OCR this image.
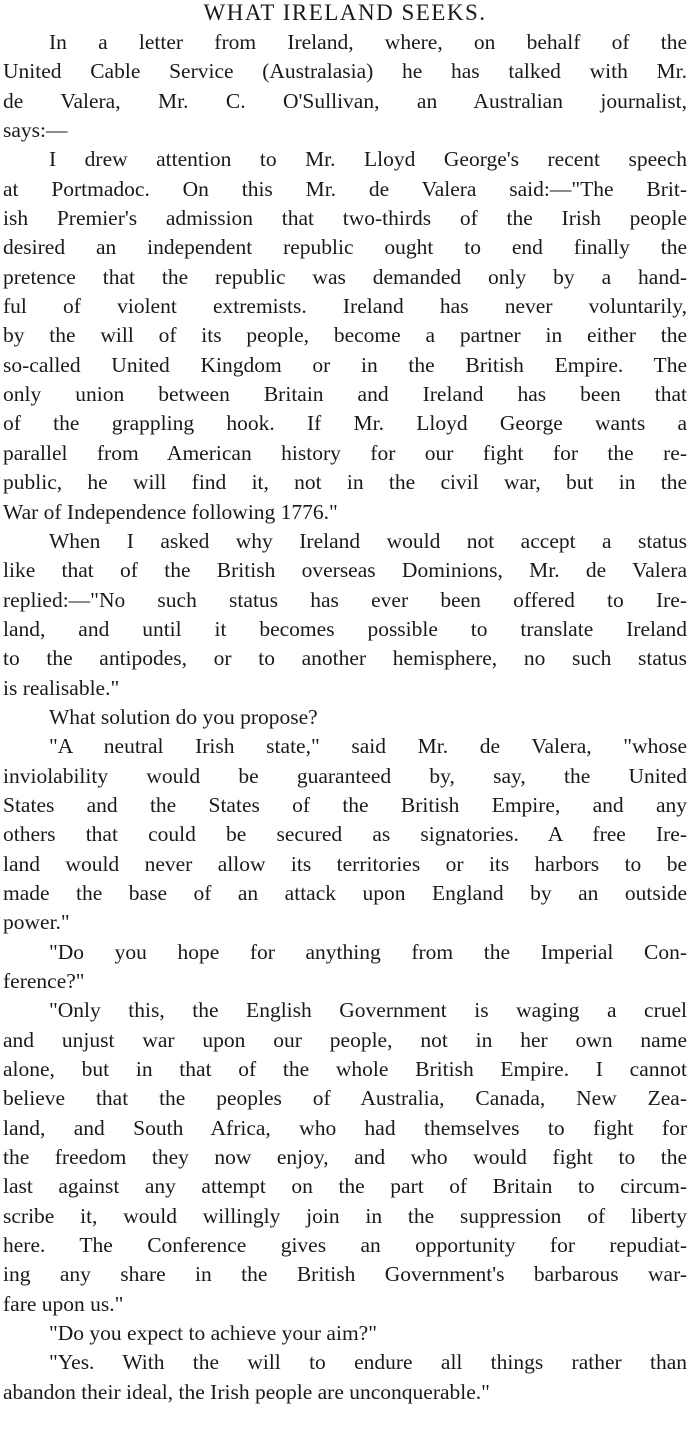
WHAT IRELAND SEEKS.
In a letter from Ireland, where, on behalf of the
United Cable Service (Australasia) he has talked with Mr.
de Valera, Mr. C. O'Sullivan, an Australian journalist,
says:—
I drew attention to Mr. Lloyd George's recent speech
at Portmadoc. On this Mr. de Valera said:—"The Brit-
ish Premier's admission that two-thirds of the Irish people
desired an independent republic ought to end finally the
pretence that the republic was demanded only by a hand-
ful of violent extremists. Ireland has never voluntarily,
by the will of its people, become a partner in either the
so-called United Kingdom or in the British Empire. The
only union between Britain and Ireland has been that
of the grappling hook. If Mr. Lloyd George wants a
parallel from American history for our fight for the re-
public, he will find it, not in the civil war, but in the
War of Independence following 1776."
When I asked why Ireland would not accept a status
like that of the British overseas Dominions, Mr. de Valera
replied:—"No such status has ever been offered to Ire-
land, and until it becomes possible to translate Ireland
to the antipodes, or to another hemisphere, no such status
is realisable."
What solution do you propose?
"A neutral Irish state," said Mr. de Valera, "whose
inviolability would be guaranteed by, say, the United
States and the States of the British Empire, and any
others that could be secured as signatories. A free Ire-
land would never allow its territories or its harbors to be
made the base of an attack upon England by an outside
power."
"Do you hope for anything from the Imperial Con-
ference?"
"Only this, the English Government is waging a cruel
and unjust war upon our people, not in her own name
alone, but in that of the whole British Empire. I cannot
believe that the peoples of Australia, Canada, New Zea-
land, and South Africa, who had themselves to fight for
the freedom they now enjoy, and who would fight to the
last against any attempt on the part of Britain to circum-
scribe it, would willingly join in the suppression of liberty
here. The Conference gives an opportunity for repudiat-
ing any share in the British Government's barbarous war-
fare upon us."
"Do you expect to achieve your aim?"
"Yes. With the will to endure all things rather than
abandon their ideal, the Irish people are unconquerable."
